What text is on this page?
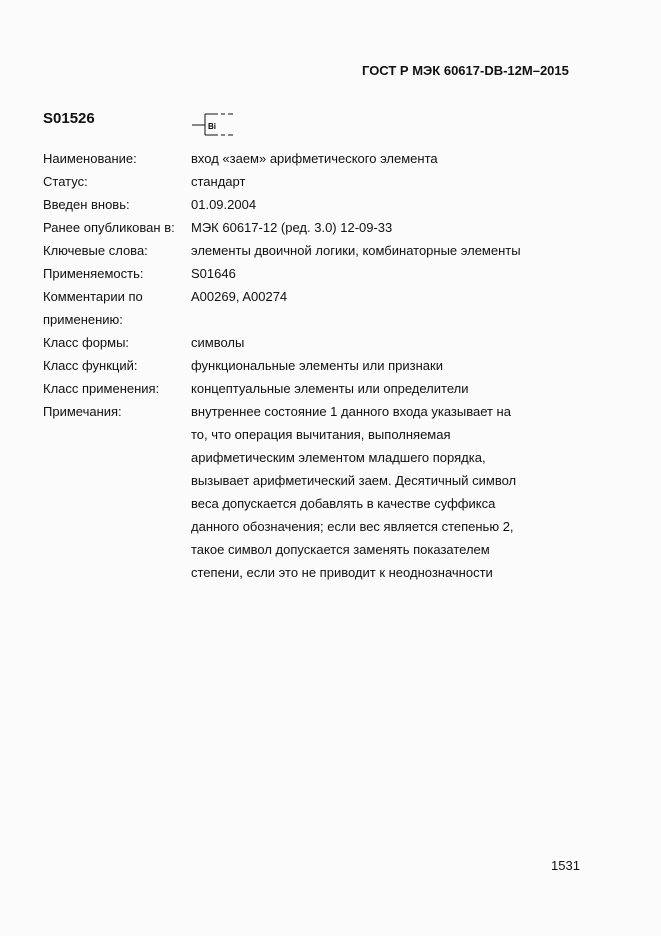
ГОСТ Р МЭК 60617-DB-12M–2015
S01526	Bi
Наименование:	вход «заем» арифметического элемента
Статус:	стандарт
Введен вновь:	01.09.2004
Ранее опубликован в:	МЭК 60617-12 (ред. 3.0) 12-09-33
Ключевые слова:	элементы двоичной логики, комбинаторные элементы
Применяемость:	S01646
Комментарии по
применению:
A00269, A00274
Класс формы:	символы
Класс функций:	функциональные элементы или признаки
Класс применения:	концептуальные элементы или определители
Примечания:	внутреннее состояние 1 данного входа указывает на
то, что операция вычитания, выполняемая
арифметическим элементом младшего порядка,
вызывает арифметический заем. Десятичный символ
веса допускается добавлять в качестве суффикса
данного обозначения; если вес является степенью 2,
такое символ допускается заменять показателем
степени, если это не приводит к неоднозначности
1531
